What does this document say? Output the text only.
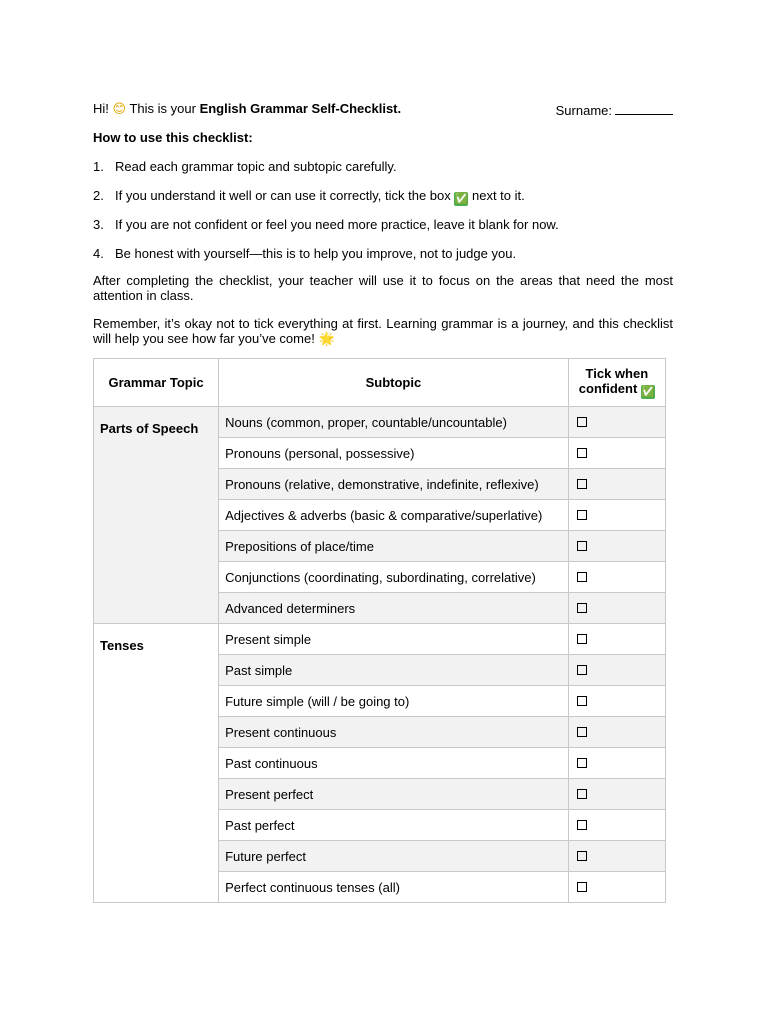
Hi! 😊 This is your English Grammar Self-Checklist.	Surname:
How to use this checklist:
1. Read each grammar topic and subtopic carefully.
2. If you understand it well or can use it correctly, tick the box ✅ next to it.
3. If you are not confident or feel you need more practice, leave it blank for now.
4. Be honest with yourself—this is to help you improve, not to judge you.
After completing the checklist, your teacher will use it to focus on the areas that need the most attention in class.
Remember, it’s okay not to tick everything at first. Learning grammar is a journey, and this checklist will help you see how far you’ve come! 🌟
Grammar Topic	Subtopic	Tick when confident ✅
Parts of Speech	Nouns (common, proper, countable/uncountable)	
	Pronouns (personal, possessive)	
	Pronouns (relative, demonstrative, indefinite, reflexive)	
	Adjectives & adverbs (basic & comparative/superlative)	
	Prepositions of place/time	
	Conjunctions (coordinating, subordinating, correlative)	
	Advanced determiners	
Tenses	Present simple	
	Past simple	
	Future simple (will / be going to)	
	Present continuous	
	Past continuous	
	Present perfect	
	Past perfect	
	Future perfect	
	Perfect continuous tenses (all)	
